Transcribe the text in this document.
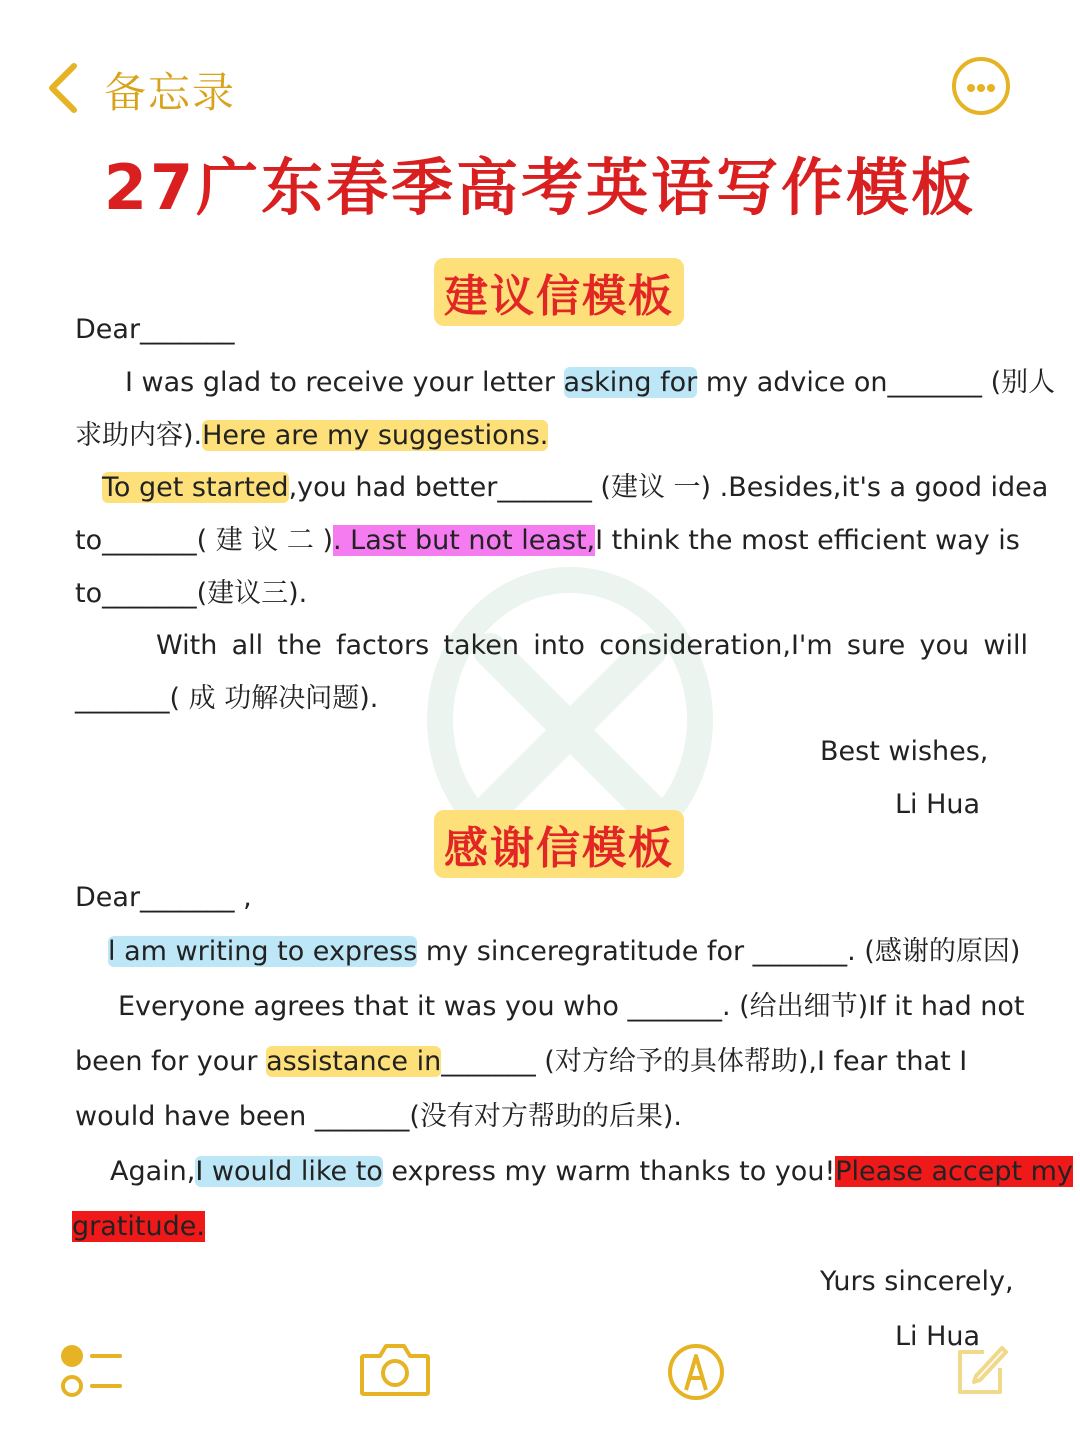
备忘录
27广东春季高考英语写作模板
建议信模板
Dear_______
I was glad to receive your letter asking for my advice on_______ (别人
求助内容).Here are my suggestions.
To get started,you had better_______ (建议 一) .Besides,it's a good idea
to_______( 建 议 二 ). Last but not least,I think the most efficient way is
to_______(建议三).
With all the factors taken into consideration,I'm sure you will
_______( 成 功解决问题).
Best wishes,
Li Hua
感谢信模板
Dear_______ ,
l am writing to express my sinceregratitude for _______. (感谢的原因)
Everyone agrees that it was you who _______. (给出细节)If it had not
been for your assistance in_______ (对方给予的具体帮助),I fear that I
would have been _______(没有对方帮助的后果).
Again,I would like to express my warm thanks to you!Please accept my
gratitude.
Yurs sincerely,
Li Hua
